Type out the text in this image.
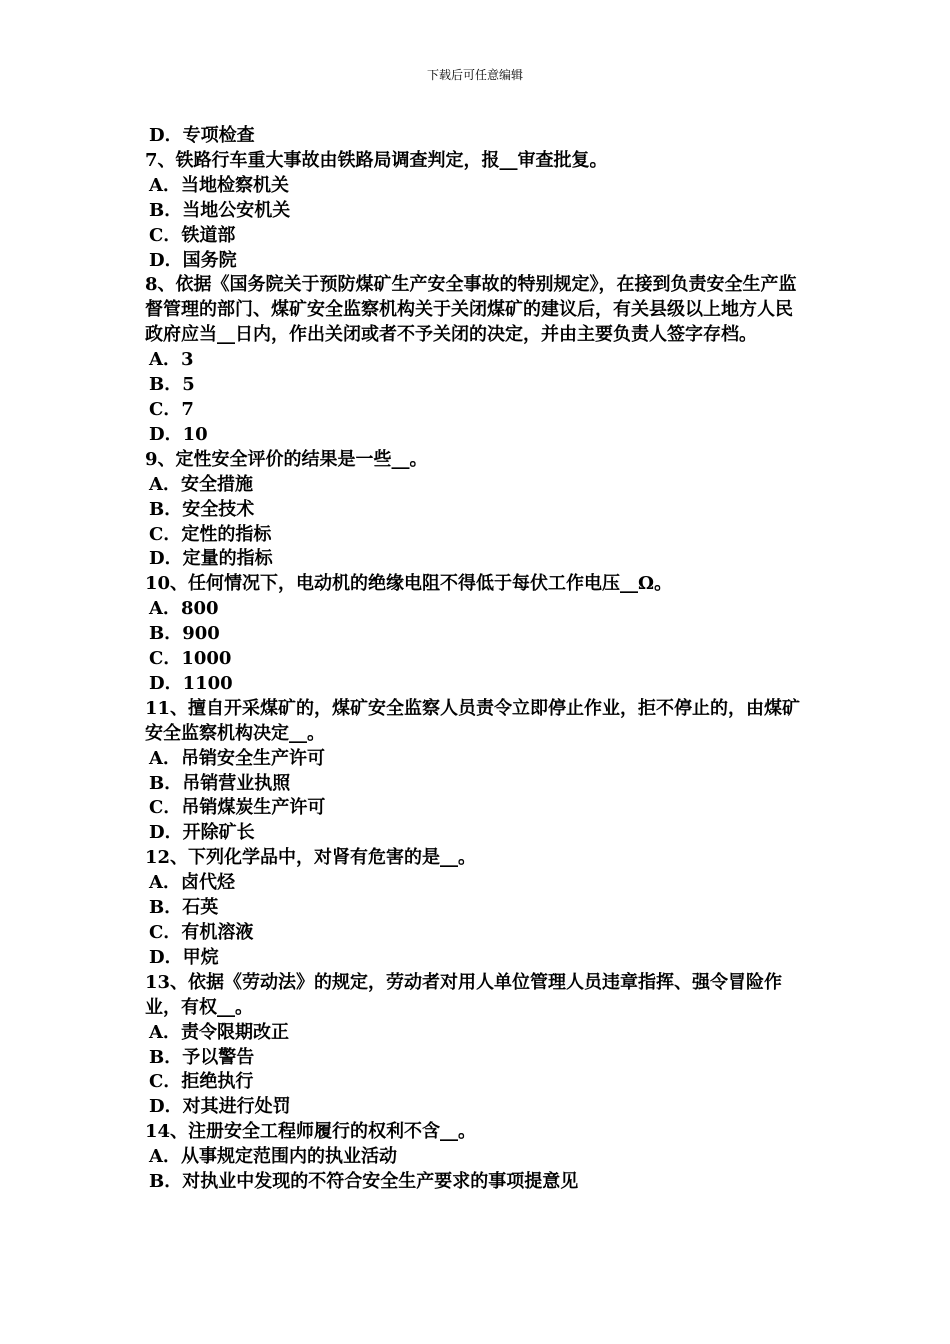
下载后可任意编辑

D．专项检查

7、铁路行车重大事故由铁路局调查判定，报__审查批复。

A．当地检察机关

B．当地公安机关

C．铁道部

D．国务院

8、依据《国务院关于预防煤矿生产安全事故的特别规定》，在接到负责安全生产监督管理的部门、煤矿安全监察机构关于关闭煤矿的建议后，有关县级以上地方人民政府应当__日内，作出关闭或者不予关闭的决定，并由主要负责人签字存档。

A．3

B．5

C．7

D．10

9、定性安全评价的结果是一些__。

A．安全措施

B．安全技术

C．定性的指标

D．定量的指标

10、任何情况下，电动机的绝缘电阻不得低于每伏工作电压__Ω。

A．800

B．900

C．1000

D．1100

11、擅自开采煤矿的，煤矿安全监察人员责令立即停止作业，拒不停止的，由煤矿安全监察机构决定__。

A．吊销安全生产许可

B．吊销营业执照

C．吊销煤炭生产许可

D．开除矿长

12、下列化学品中，对肾有危害的是__。

A．卤代烃

B．石英

C．有机溶液

D．甲烷

13、依据《劳动法》的规定，劳动者对用人单位管理人员违章指挥、强令冒险作业，有权__。

A．责令限期改正

B．予以警告

C．拒绝执行

D．对其进行处罚

14、注册安全工程师履行的权利不含__。

A．从事规定范围内的执业活动

B．对执业中发现的不符合安全生产要求的事项提意见
